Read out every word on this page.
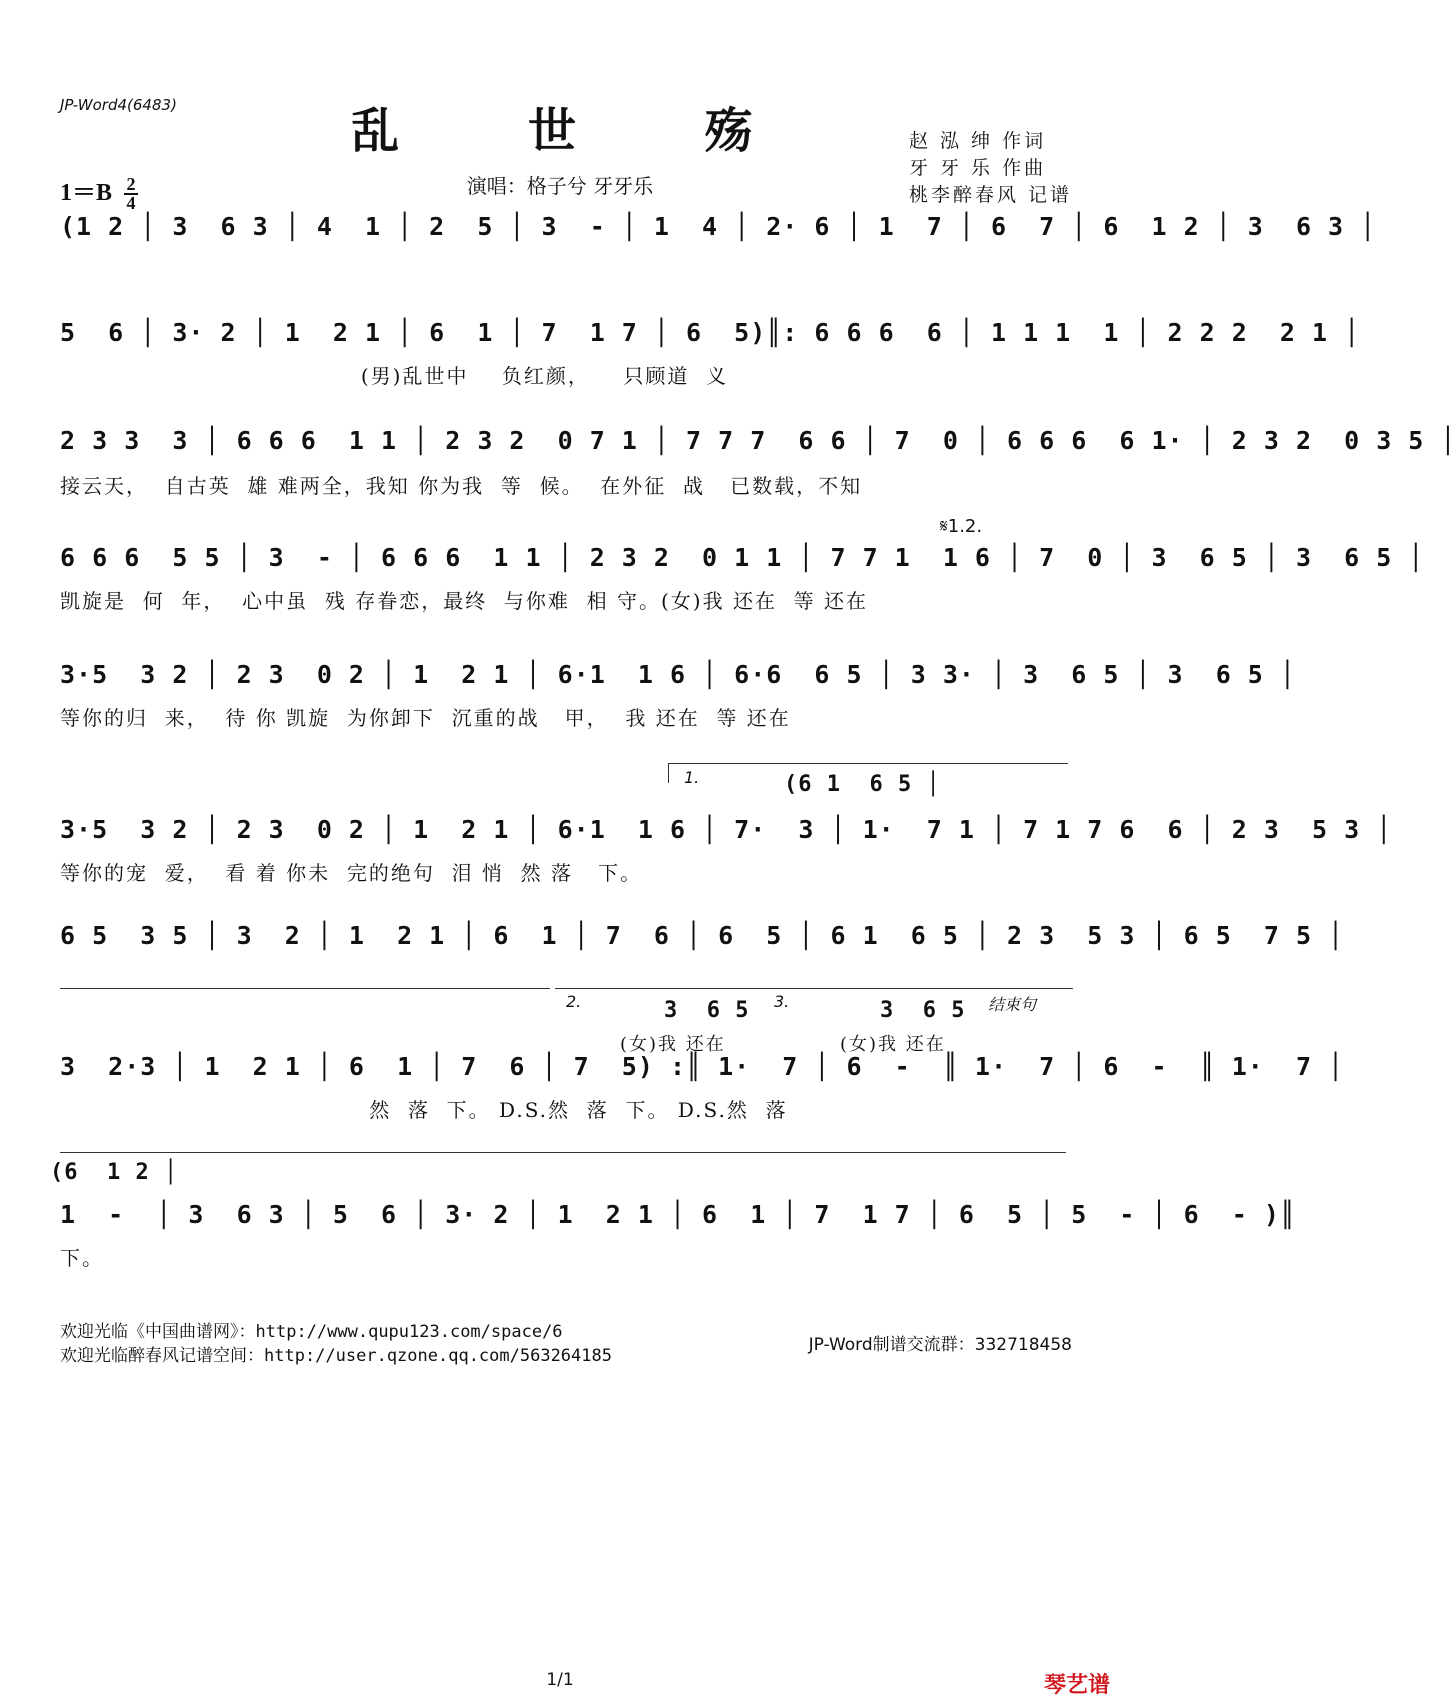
JP-Word4(6483)	乱 世 殇	赵 泓 绅 作词
牙 牙 乐 作曲
桃李醉春风 记谱
$1=B \frac{2}{4}$	演唱：格子兮 牙牙乐
(1 2 │ 3  6 3 │ 4  1 │ 2  5 │ 3  - │ 1  4 │ 2· 6 │ 1  7 │ 6  7 │ 6  1 2 │ 3  6 3 │
5  6 │ 3· 2 │ 1  2 1 │ 6  1 │ 7  1 7 │ 6  5)║: 6 6 6  6 │ 1 1 1  1 │ 2 2 2  2 1 │
(男)乱世中    负红颜，    只顾道  义
2 3 3  3 │ 6 6 6  1 1 │ 2 3 2  0 7 1 │ 7 7 7  6 6 │ 7  0 │ 6 6 6  6 1· │ 2 3 2  0 3 5 │
接云天，  自古英  雄 难两全，我知 你为我  等  候。  在外征  战   已数载，不知
𝄋1.2.
6 6 6  5 5 │ 3  - │ 6 6 6  1 1 │ 2 3 2  0 1 1 │ 7 7 1  1 6 │ 7  0 │ 3  6 5 │ 3  6 5 │
凯旋是  何  年，  心中虽  残 存眷恋，最终  与你难  相 守。(女)我 还在  等 还在
3·5  3 2 │ 2 3  0 2 │ 1  2 1 │ 6·1  1 6 │ 6·6  6 5 │ 3 3· │ 3  6 5 │ 3  6 5 │
等你的归  来，  待 你 凯旋  为你卸下  沉重的战   甲，  我 还在  等 还在
1.	(6 1  6 5 │
3·5  3 2 │ 2 3  0 2 │ 1  2 1 │ 6·1  1 6 │ 7·  3 │ 1·  7 1 │ 7 1 7 6  6 │ 2 3  5 3 │
等你的宠  爱，  看 着 你未  完的绝句  泪 悄  然 落   下。
6 5  3 5 │ 3  2 │ 1  2 1 │ 6  1 │ 7  6 │ 6  5 │ 6 1  6 5 │ 2 3  5 3 │ 6 5  7 5 │
2.	3.	结束句
3  6 5	3  6 5
(女)我 还在	(女)我 还在
3  2·3 │ 1  2 1 │ 6  1 │ 7  6 │ 7  5) :║ 1·  7 │ 6  -  ║ 1·  7 │ 6  -  ║ 1·  7 │
然  落  下。 D.S.然  落  下。 D.S.然  落
(6  1 2 │
1  -  │ 3  6 3 │ 5  6 │ 3· 2 │ 1  2 1 │ 6  1 │ 7  1 7 │ 6  5 │ 5  - │ 6  - )║
下。
欢迎光临《中国曲谱网》：http://www.qupu123.com/space/6
欢迎光临醉春风记谱空间：http://user.qzone.qq.com/563264185
JP-Word制谱交流群：332718458
1/1	琴艺谱
